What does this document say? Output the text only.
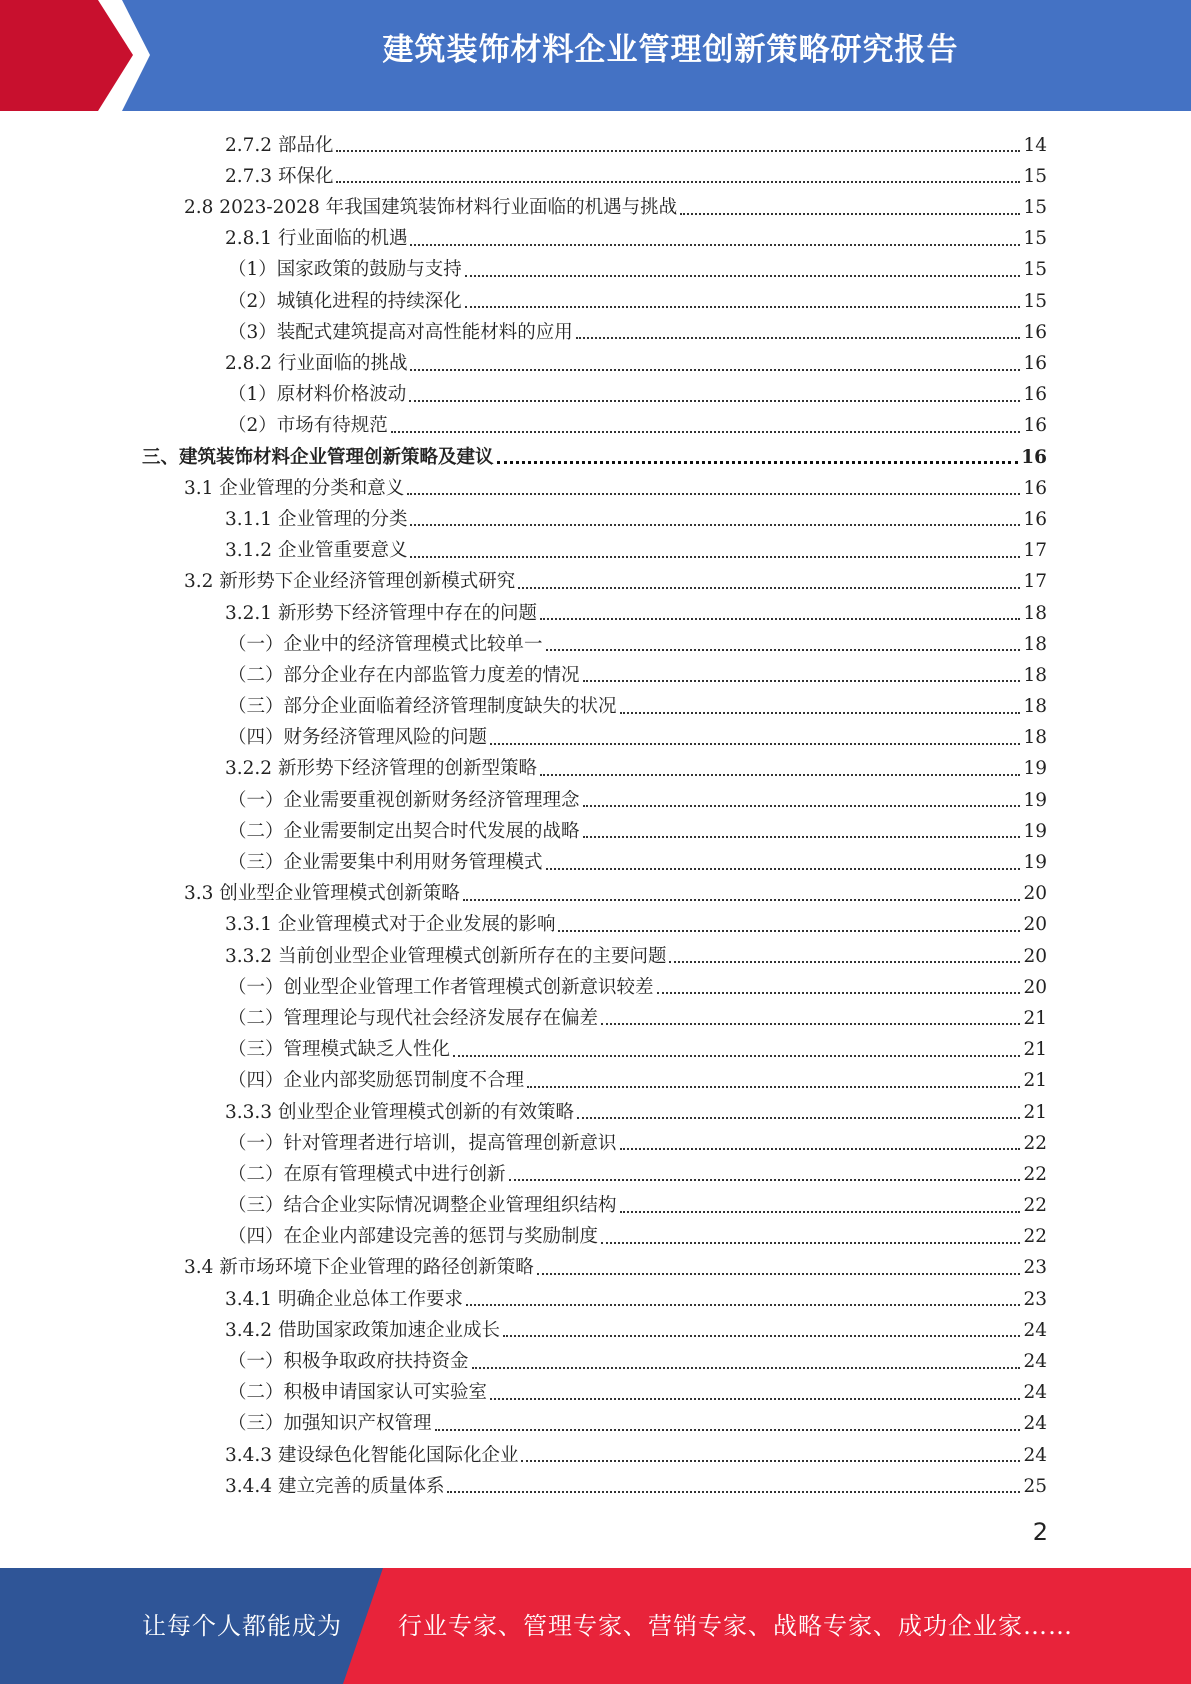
建筑装饰材料企业管理创新策略研究报告
2.7.2 部品化	14
2.7.3 环保化	15
2.8 2023-2028 年我国建筑装饰材料行业面临的机遇与挑战	15
2.8.1 行业面临的机遇	15
（1）国家政策的鼓励与支持	15
（2）城镇化进程的持续深化	15
（3）装配式建筑提高对高性能材料的应用	16
2.8.2 行业面临的挑战	16
（1）原材料价格波动	16
（2）市场有待规范	16
三、建筑装饰材料企业管理创新策略及建议	16
3.1 企业管理的分类和意义	16
3.1.1 企业管理的分类	16
3.1.2 企业管重要意义	17
3.2 新形势下企业经济管理创新模式研究	17
3.2.1 新形势下经济管理中存在的问题	18
（一）企业中的经济管理模式比较单一	18
（二）部分企业存在内部监管力度差的情况	18
（三）部分企业面临着经济管理制度缺失的状况	18
（四）财务经济管理风险的问题	18
3.2.2 新形势下经济管理的创新型策略	19
（一）企业需要重视创新财务经济管理理念	19
（二）企业需要制定出契合时代发展的战略	19
（三）企业需要集中利用财务管理模式	19
3.3 创业型企业管理模式创新策略	20
3.3.1 企业管理模式对于企业发展的影响	20
3.3.2 当前创业型企业管理模式创新所存在的主要问题	20
（一）创业型企业管理工作者管理模式创新意识较差	20
（二）管理理论与现代社会经济发展存在偏差	21
（三）管理模式缺乏人性化	21
（四）企业内部奖励惩罚制度不合理	21
3.3.3 创业型企业管理模式创新的有效策略	21
（一）针对管理者进行培训，提高管理创新意识	22
（二）在原有管理模式中进行创新	22
（三）结合企业实际情况调整企业管理组织结构	22
（四）在企业内部建设完善的惩罚与奖励制度	22
3.4 新市场环境下企业管理的路径创新策略	23
3.4.1 明确企业总体工作要求	23
3.4.2 借助国家政策加速企业成长	24
（一）积极争取政府扶持资金	24
（二）积极申请国家认可实验室	24
（三）加强知识产权管理	24
3.4.3 建设绿色化智能化国际化企业	24
3.4.4 建立完善的质量体系	25
2
让每个人都能成为 行业专家、管理专家、营销专家、战略专家、成功企业家……
